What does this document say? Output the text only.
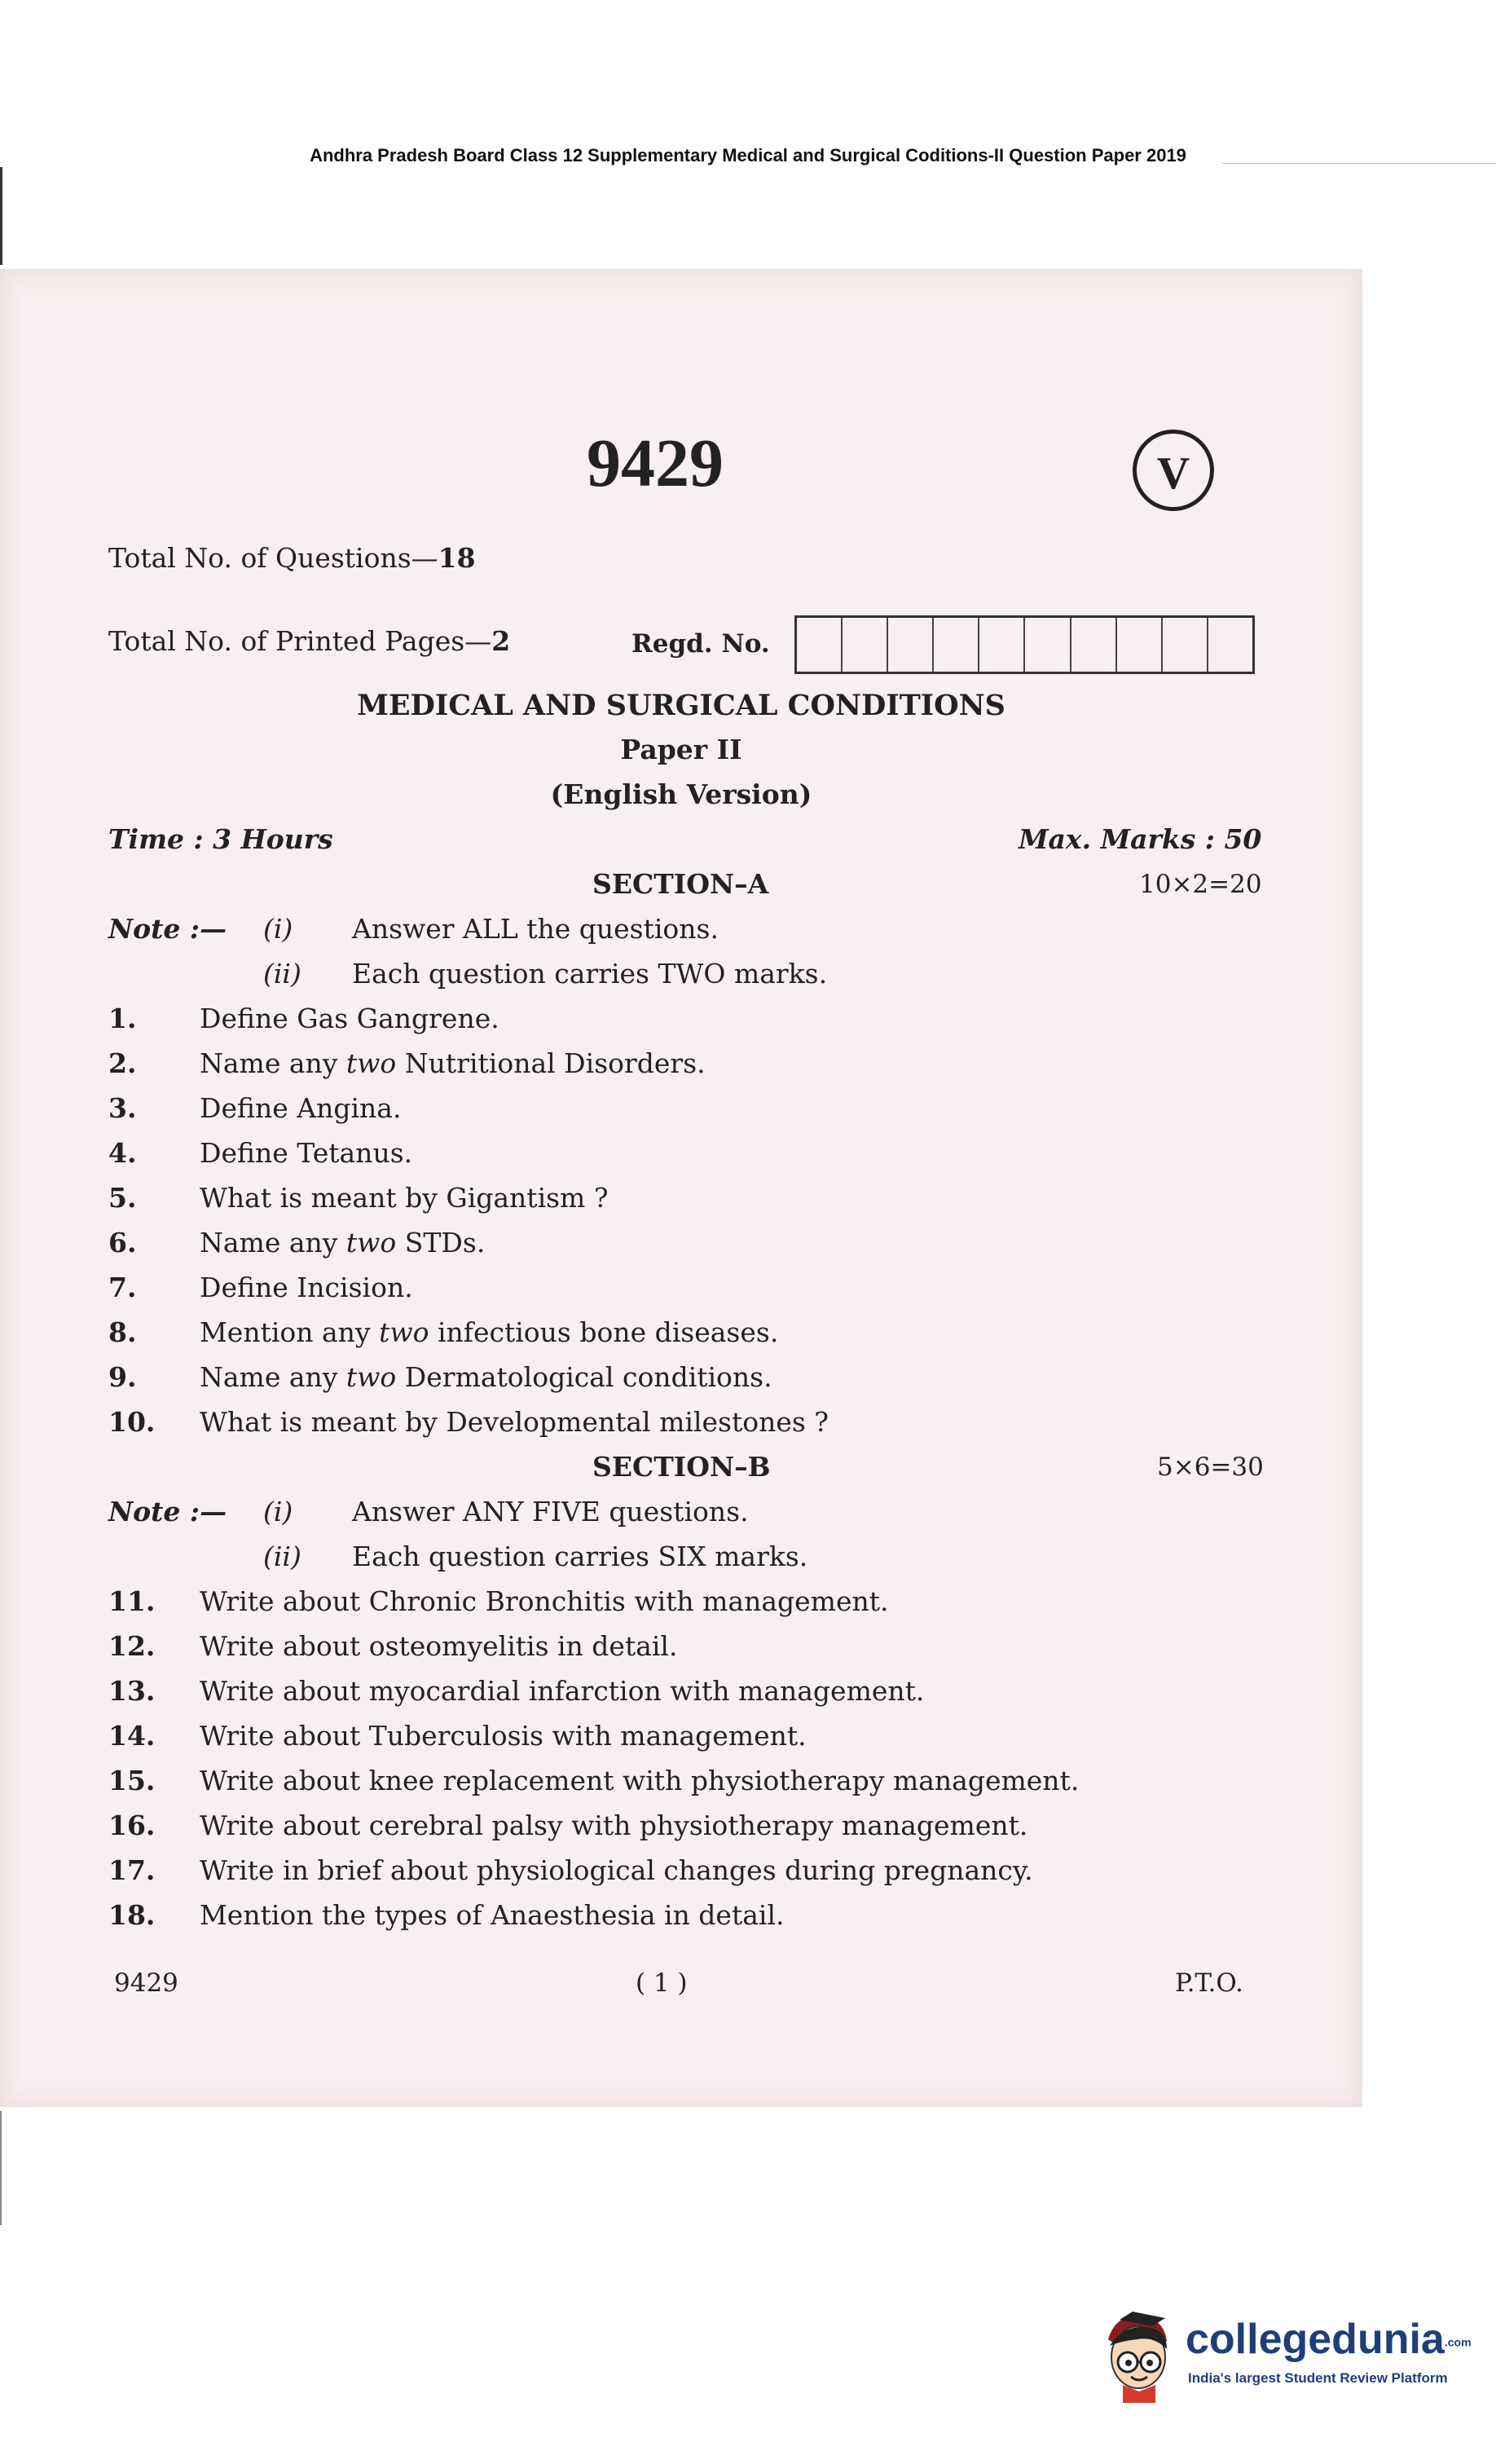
Andhra Pradesh Board Class 12 Supplementary Medical and Surgical Coditions-II Question Paper 2019
9429	V
Total No. of Questions—18
Total No. of Printed Pages—2	Regd. No.
MEDICAL AND SURGICAL CONDITIONS
Paper II
(English Version)
Time : 3 Hours	Max. Marks : 50
SECTION–A	10×2=20
Note :— (i) Answer ALL the questions.
(ii) Each question carries TWO marks.
1. Define Gas Gangrene.
2. Name any two Nutritional Disorders.
3. Define Angina.
4. Define Tetanus.
5. What is meant by Gigantism ?
6. Name any two STDs.
7. Define Incision.
8. Mention any two infectious bone diseases.
9. Name any two Dermatological conditions.
10. What is meant by Developmental milestones ?
SECTION–B	5×6=30
Note :— (i) Answer ANY FIVE questions.
(ii) Each question carries SIX marks.
11. Write about Chronic Bronchitis with management.
12. Write about osteomyelitis in detail.
13. Write about myocardial infarction with management.
14. Write about Tuberculosis with management.
15. Write about knee replacement with physiotherapy management.
16. Write about cerebral palsy with physiotherapy management.
17. Write in brief about physiological changes during pregnancy.
18. Mention the types of Anaesthesia in detail.
9429	( 1 )	P.T.O.
collegedunia.com
India's largest Student Review Platform
